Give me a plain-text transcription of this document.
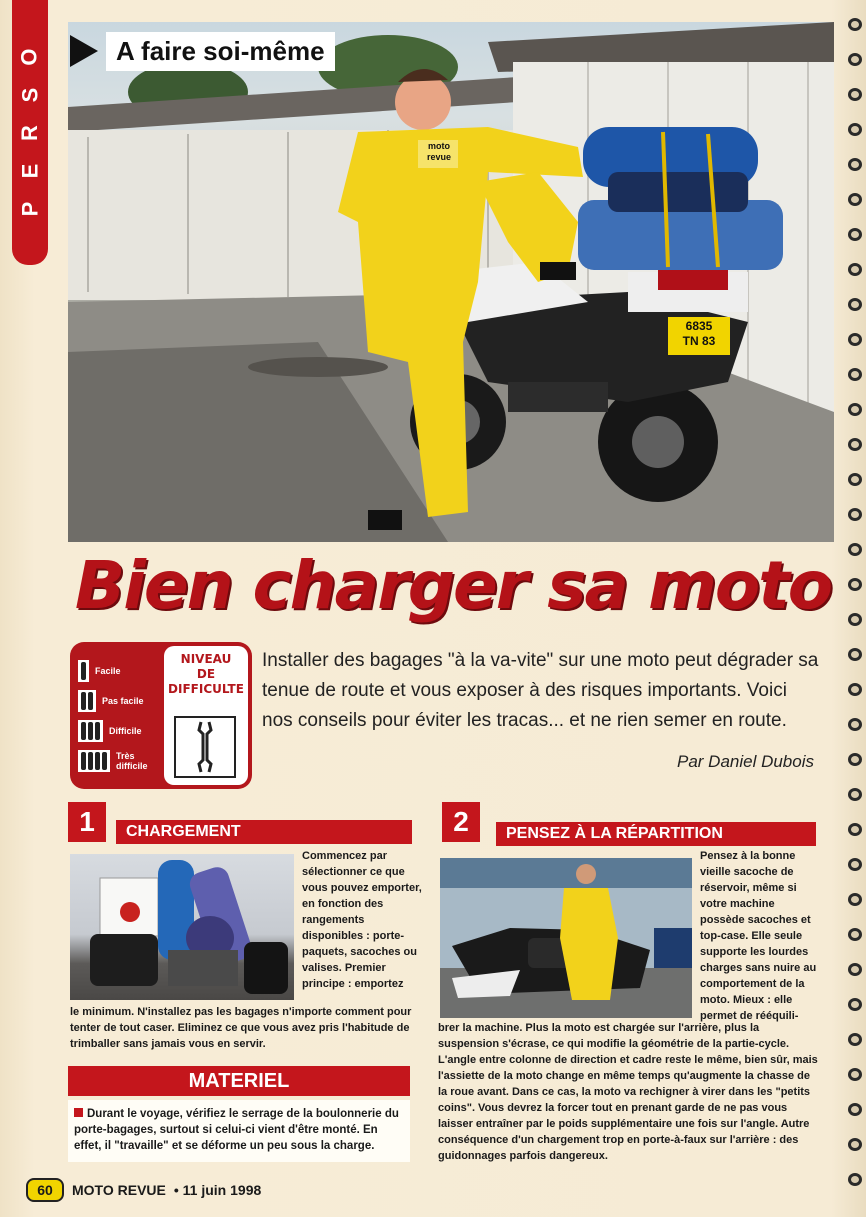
O
S
R
E
P
6835
TN 83
moto
revue
A faire soi-même
Bien charger sa moto
Facile
Pas facile
Difficile
Très difficile
NIVEAU
DE
DIFFICULTE
Installer des bagages "à la va-vite" sur une moto peut dégrader sa tenue de route et vous exposer à des risques importants. Voici nos conseils pour éviter les tracas... et ne rien semer en route.
Par Daniel Dubois
1	CHARGEMENT
Commencez par sélectionner ce que vous pouvez emporter, en fonction des rangements disponibles : porte-paquets, sacoches ou valises. Premier principe : emportez
le minimum. N'installez pas les bagages n'importe comment pour tenter de tout caser. Eliminez ce que vous avez pris l'habitude de trimballer sans jamais vous en servir.
MATERIEL
Durant le voyage, vérifiez le serrage de la boulonnerie du porte-bagages, surtout si celui-ci vient d'être monté. En effet, il "travaille" et se déforme un peu sous la charge.
2	PENSEZ À LA RÉPARTITION
Pensez à la bonne vieille sacoche de réservoir, même si votre machine possède sacoches et top-case. Elle seule supporte les lourdes charges sans nuire au comportement de la moto. Mieux : elle permet de rééquili-
brer la machine. Plus la moto est chargée sur l'arrière, plus la suspension s'écrase, ce qui modifie la géométrie de la partie-cycle. L'angle entre colonne de direction et cadre reste le même, bien sûr, mais l'assiette de la moto change en même temps qu'augmente la chasse de la roue avant. Dans ce cas, la moto va rechigner à virer dans les "petits coins". Vous devrez la forcer tout en prenant garde de ne pas vous laisser entraîner par le poids supplémentaire une fois sur l'angle. Autre conséquence d'un chargement trop en porte-à-faux sur l'arrière : des guidonnages parfois dangereux.
60	MOTO REVUE • 11 juin 1998
